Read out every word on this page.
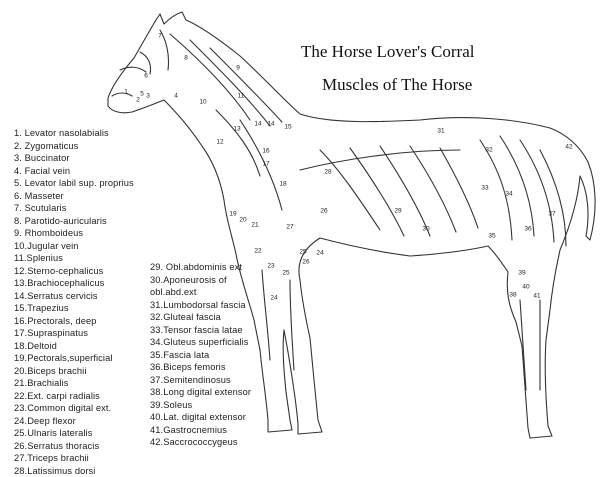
The Horse Lover's Corral
Muscles of The Horse
1. Levator nasolabialis
2. Zygomaticus
3. Buccinator
4. Facial vein
5. Levator labil sup. proprius
6. Masseter
7. Scutularis
8. Parotido-auricularis
9. Rhomboideus
10.Jugular vein
11.Splenius
12.Sterno-cephalicus
13.Brachiocephalicus
14.Serratus cervicis
15.Trapezius
16.Prectorals, deep
17.Supraspinatus
18.Deltoid
19.Pectorals,superficial
20.Biceps brachii
21.Brachialis
22.Ext. carpi radialis
23.Common digital ext.
24.Deep flexor
25.Ulnaris lateralis
26.Serratus thoracis
27.Triceps brachii
28.Latissimus dorsi
29. Obl.abdominis ext
30.Aponeurosis of
obl.abd.ext
31.Lumbodorsal fascia
32.Gluteal fascia
33.Tensor fascia latae
34.Gluteus superficialis
35.Fascia lata
36.Biceps femoris
37.Semitendinosus
38.Long digital extensor
39.Soleus
40.Lat. digital extensor
41.Gastrocnemius
42.Saccrococcygeus
7
8
9
6
5
1
2
3	4
10
11
12
13
14	15
16
17
18
19
20
21
22
23
24
25
26
27
28
29
30
31
32
33
34
35
36
37
38
39
40
41
42
25
26
24
14
